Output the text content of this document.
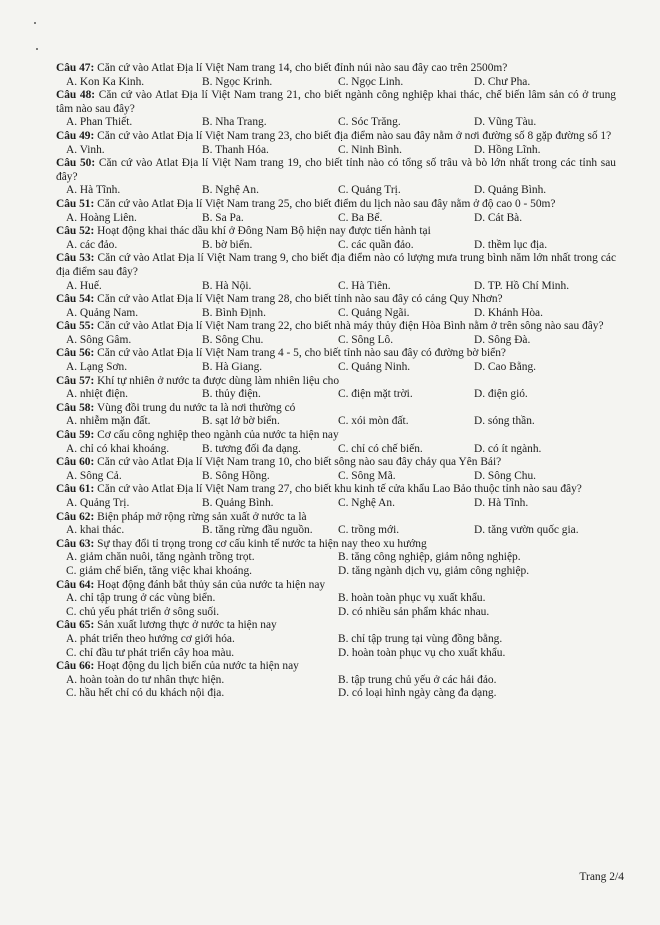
Câu 47: Căn cứ vào Atlat Địa lí Việt Nam trang 14, cho biết đỉnh núi nào sau đây cao trên 2500m?
A. Kon Ka Kinh.	B. Ngọc Krinh.	C. Ngọc Linh.	D. Chư Pha.
Câu 48: Căn cứ vào Atlat Địa lí Việt Nam trang 21, cho biết ngành công nghiệp khai thác, chế biến lâm sản có ở trung tâm nào sau đây?
A. Phan Thiết.	B. Nha Trang.	C. Sóc Trăng.	D. Vũng Tàu.
Câu 49: Căn cứ vào Atlat Địa lí Việt Nam trang 23, cho biết địa điểm nào sau đây nằm ở nơi đường số 8 gặp đường số 1?
A. Vinh.	B. Thanh Hóa.	C. Ninh Bình.	D. Hồng Lĩnh.
Câu 50: Căn cứ vào Atlat Địa lí Việt Nam trang 19, cho biết tỉnh nào có tổng số trâu và bò lớn nhất trong các tỉnh sau đây?
A. Hà Tĩnh.	B. Nghệ An.	C. Quảng Trị.	D. Quảng Bình.
Câu 51: Căn cứ vào Atlat Địa lí Việt Nam trang 25, cho biết điểm du lịch nào sau đây nằm ở độ cao 0 - 50m?
A. Hoàng Liên.	B. Sa Pa.	C. Ba Bể.	D. Cát Bà.
Câu 52: Hoạt động khai thác dầu khí ở Đông Nam Bộ hiện nay được tiến hành tại
A. các đảo.	B. bờ biển.	C. các quần đảo.	D. thềm lục địa.
Câu 53: Căn cứ vào Atlat Địa lí Việt Nam trang 9, cho biết địa điểm nào có lượng mưa trung bình năm lớn nhất trong các địa điểm sau đây?
A. Huế.	B. Hà Nội.	C. Hà Tiên.	D. TP. Hồ Chí Minh.
Câu 54: Căn cứ vào Atlat Địa lí Việt Nam trang 28, cho biết tỉnh nào sau đây có cảng Quy Nhơn?
A. Quảng Nam.	B. Bình Định.	C. Quảng Ngãi.	D. Khánh Hòa.
Câu 55: Căn cứ vào Atlat Địa lí Việt Nam trang 22, cho biết nhà máy thủy điện Hòa Bình nằm ở trên sông nào sau đây?
A. Sông Gâm.	B. Sông Chu.	C. Sông Lô.	D. Sông Đà.
Câu 56: Căn cứ vào Atlat Địa lí Việt Nam trang 4 - 5, cho biết tỉnh nào sau đây có đường bờ biển?
A. Lạng Sơn.	B. Hà Giang.	C. Quảng Ninh.	D. Cao Bằng.
Câu 57: Khí tự nhiên ở nước ta được dùng làm nhiên liệu cho
A. nhiệt điện.	B. thủy điện.	C. điện mặt trời.	D. điện gió.
Câu 58: Vùng đồi trung du nước ta là nơi thường có
A. nhiễm mặn đất.	B. sạt lở bờ biển.	C. xói mòn đất.	D. sóng thần.
Câu 59: Cơ cấu công nghiệp theo ngành của nước ta hiện nay
A. chỉ có khai khoáng.	B. tương đối đa dạng.	C. chỉ có chế biến.	D. có ít ngành.
Câu 60: Căn cứ vào Atlat Địa lí Việt Nam trang 10, cho biết sông nào sau đây chảy qua Yên Bái?
A. Sông Cả.	B. Sông Hồng.	C. Sông Mã.	D. Sông Chu.
Câu 61: Căn cứ vào Atlat Địa lí Việt Nam trang 27, cho biết khu kinh tế cửa khẩu Lao Bảo thuộc tỉnh nào sau đây?
A. Quảng Trị.	B. Quảng Bình.	C. Nghệ An.	D. Hà Tĩnh.
Câu 62: Biện pháp mở rộng rừng sản xuất ở nước ta là
A. khai thác.	B. tăng rừng đầu nguồn.	C. trồng mới.	D. tăng vườn quốc gia.
Câu 63: Sự thay đổi tỉ trọng trong cơ cấu kinh tế nước ta hiện nay theo xu hướng
A. giảm chăn nuôi, tăng ngành trồng trọt.	B. tăng công nghiệp, giảm nông nghiệp.
C. giảm chế biến, tăng việc khai khoáng.	D. tăng ngành dịch vụ, giảm công nghiệp.
Câu 64: Hoạt động đánh bắt thủy sản của nước ta hiện nay
A. chỉ tập trung ở các vùng biển.	B. hoàn toàn phục vụ xuất khẩu.
C. chủ yếu phát triển ở sông suối.	D. có nhiều sản phẩm khác nhau.
Câu 65: Sản xuất lương thực ở nước ta hiện nay
A. phát triển theo hướng cơ giới hóa.	B. chỉ tập trung tại vùng đồng bằng.
C. chỉ đầu tư phát triển cây hoa màu.	D. hoàn toàn phục vụ cho xuất khẩu.
Câu 66: Hoạt động du lịch biển của nước ta hiện nay
A. hoàn toàn do tư nhân thực hiện.	B. tập trung chủ yếu ở các hải đảo.
C. hầu hết chỉ có du khách nội địa.	D. có loại hình ngày càng đa dạng.
Trang 2/4
